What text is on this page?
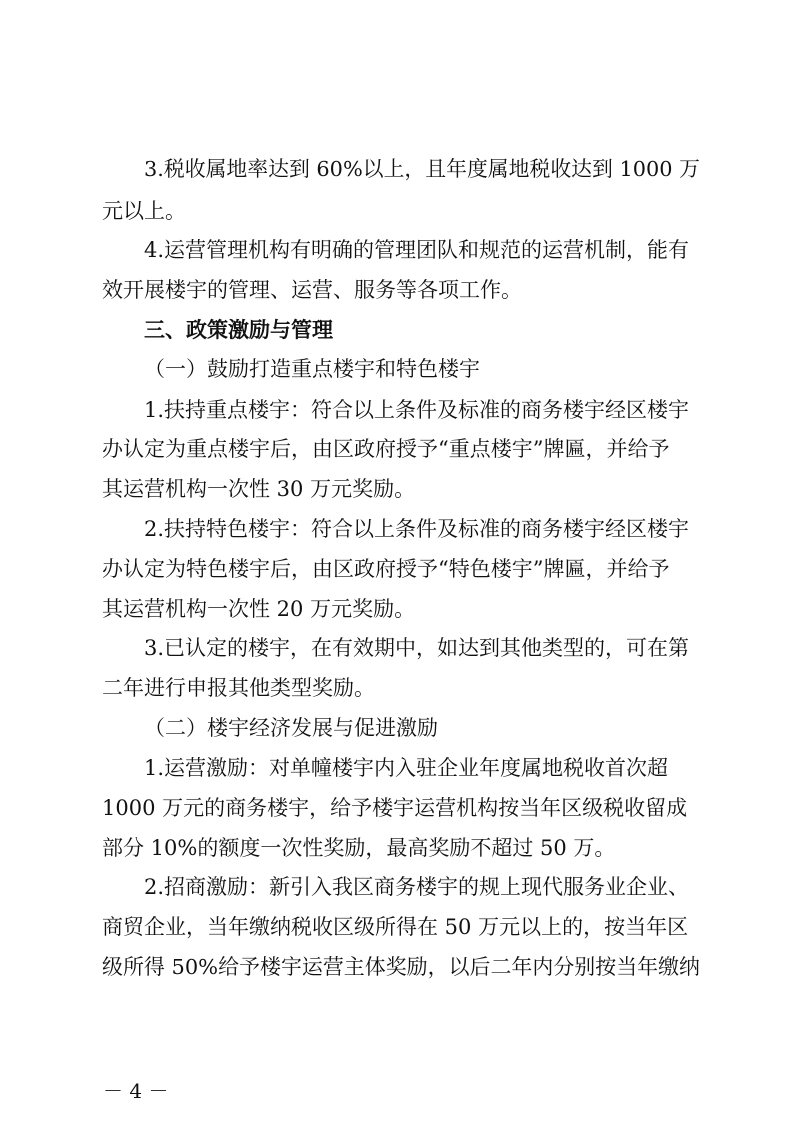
3.税收属地率达到 60%以上，且年度属地税收达到 1000 万
元以上。
4.运营管理机构有明确的管理团队和规范的运营机制，能有
效开展楼宇的管理、运营、服务等各项工作。
三、政策激励与管理
（一）鼓励打造重点楼宇和特色楼宇
1.扶持重点楼宇：符合以上条件及标准的商务楼宇经区楼宇
办认定为重点楼宇后，由区政府授予“重点楼宇”牌匾，并给予
其运营机构一次性 30 万元奖励。
2.扶持特色楼宇：符合以上条件及标准的商务楼宇经区楼宇
办认定为特色楼宇后，由区政府授予“特色楼宇”牌匾，并给予
其运营机构一次性 20 万元奖励。
3.已认定的楼宇，在有效期中，如达到其他类型的，可在第
二年进行申报其他类型奖励。
（二）楼宇经济发展与促进激励
1.运营激励：对单幢楼宇内入驻企业年度属地税收首次超
1000 万元的商务楼宇，给予楼宇运营机构按当年区级税收留成
部分 10%的额度一次性奖励，最高奖励不超过 50 万。
2.招商激励：新引入我区商务楼宇的规上现代服务业企业、
商贸企业，当年缴纳税收区级所得在 50 万元以上的，按当年区
级所得 50%给予楼宇运营主体奖励，以后二年内分别按当年缴纳
－ 4 －
